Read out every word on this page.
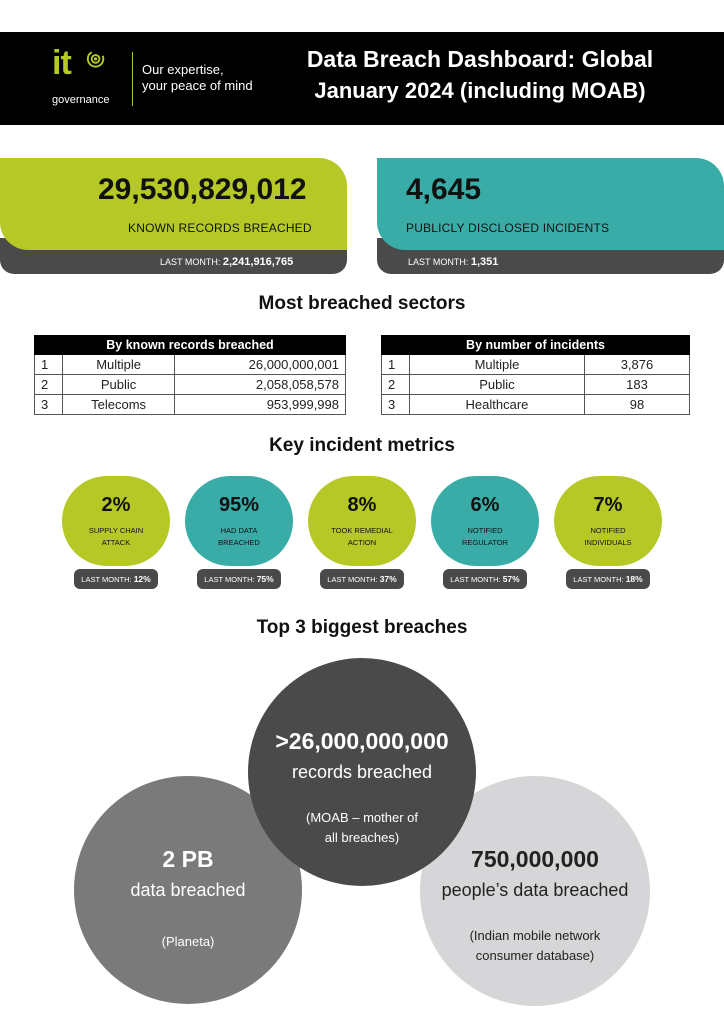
it
governance
Our expertise,
your peace of mind
Data Breach Dashboard: Global
January 2024 (including MOAB)
29,530,829,012
KNOWN RECORDS BREACHED
LAST MONTH: 2,241,916,765
4,645
PUBLICLY DISCLOSED INCIDENTS
LAST MONTH: 1,351
Most breached sectors
By known records breached		
1	Multiple	26,000,000,001
2	Public	2,058,058,578
3	Telecoms	953,999,998
By number of incidents		
1	Multiple	3,876
2	Public	183
3	Healthcare	98
Key incident metrics
2%
SUPPLY CHAIN
ATTACK
LAST MONTH: 12%
95%
HAD DATA
BREACHED
LAST MONTH: 75%
8%
TOOK REMEDIAL
ACTION
LAST MONTH: 37%
6%
NOTIFIED
REGULATOR
LAST MONTH: 57%
7%
NOTIFIED
INDIVIDUALS
LAST MONTH: 18%
Top 3 biggest breaches
2 PB
data breached
(Planeta)
750,000,000
people’s data breached
(Indian mobile network
consumer database)
>26,000,000,000
records breached
(MOAB – mother of
all breaches)
